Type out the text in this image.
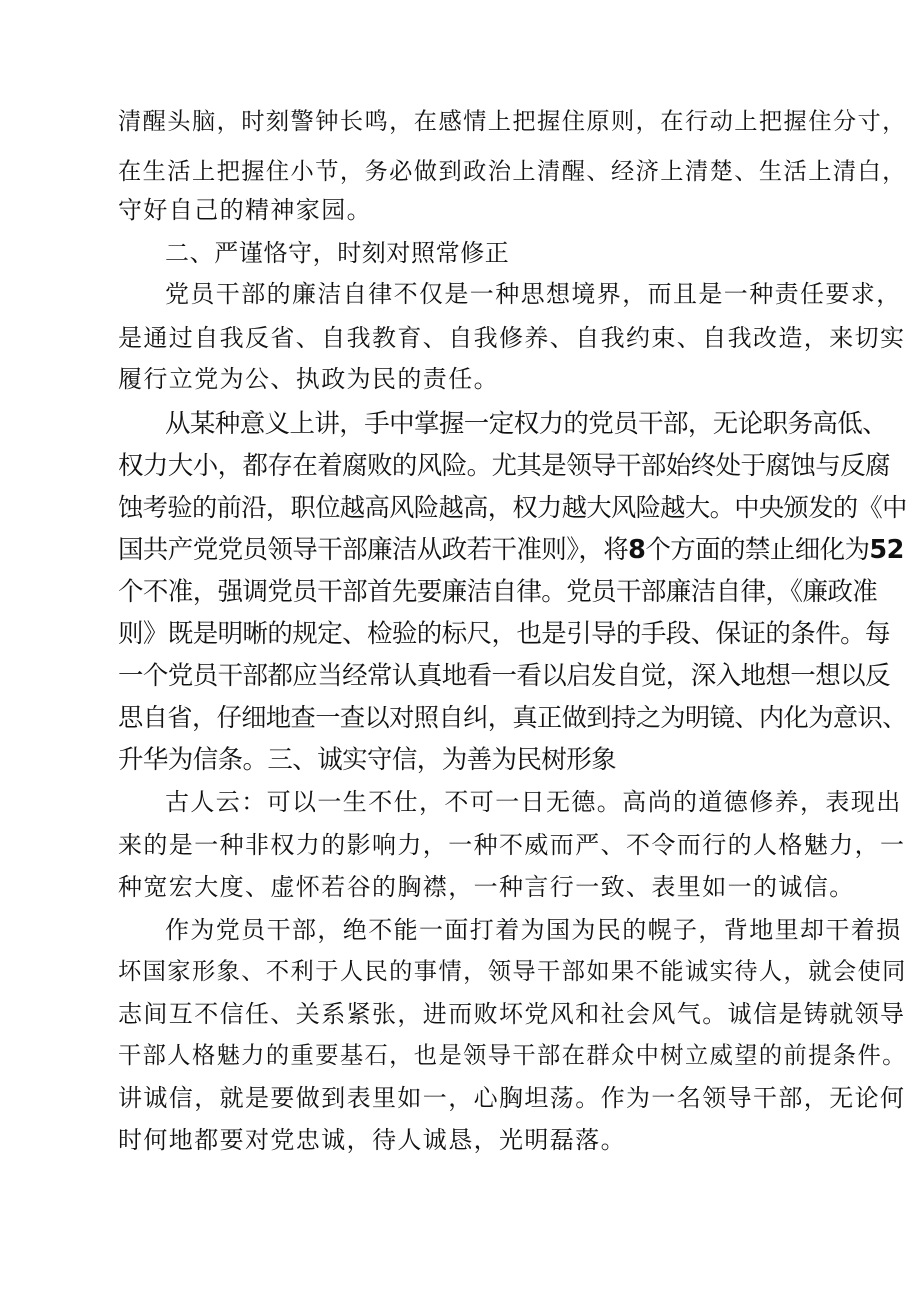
清醒头脑，时刻警钟长鸣，在感情上把握住原则，在行动上把握住分寸，
在生活上把握住小节，务必做到政治上清醒、经济上清楚、生活上清白，
守好自己的精神家园。
二、严谨恪守，时刻对照常修正
党员干部的廉洁自律不仅是一种思想境界，而且是一种责任要求，
是通过自我反省、自我教育、自我修养、自我约束、自我改造，来切实
履行立党为公、执政为民的责任。
从某种意义上讲，手中掌握一定权力的党员干部，无论职务高低、
权力大小，都存在着腐败的风险。尤其是领导干部始终处于腐蚀与反腐
蚀考验的前沿，职位越高风险越高，权力越大风险越大。中央颁发的《中
国共产党党员领导干部廉洁从政若干准则》，将8个方面的禁止细化为52
个不准，强调党员干部首先要廉洁自律。党员干部廉洁自律，《廉政准
则》既是明晰的规定、检验的标尺，也是引导的手段、保证的条件。每
一个党员干部都应当经常认真地看一看以启发自觉，深入地想一想以反
思自省，仔细地查一查以对照自纠，真正做到持之为明镜、内化为意识、
升华为信条。三、诚实守信，为善为民树形象
古人云：可以一生不仕，不可一日无德。高尚的道德修养，表现出
来的是一种非权力的影响力，一种不威而严、不令而行的人格魅力，一
种宽宏大度、虚怀若谷的胸襟，一种言行一致、表里如一的诚信。
作为党员干部，绝不能一面打着为国为民的幌子，背地里却干着损
坏国家形象、不利于人民的事情，领导干部如果不能诚实待人，就会使同
志间互不信任、关系紧张，进而败坏党风和社会风气。诚信是铸就领导
干部人格魅力的重要基石，也是领导干部在群众中树立威望的前提条件。
讲诚信，就是要做到表里如一，心胸坦荡。作为一名领导干部，无论何
时何地都要对党忠诚，待人诚恳，光明磊落。
